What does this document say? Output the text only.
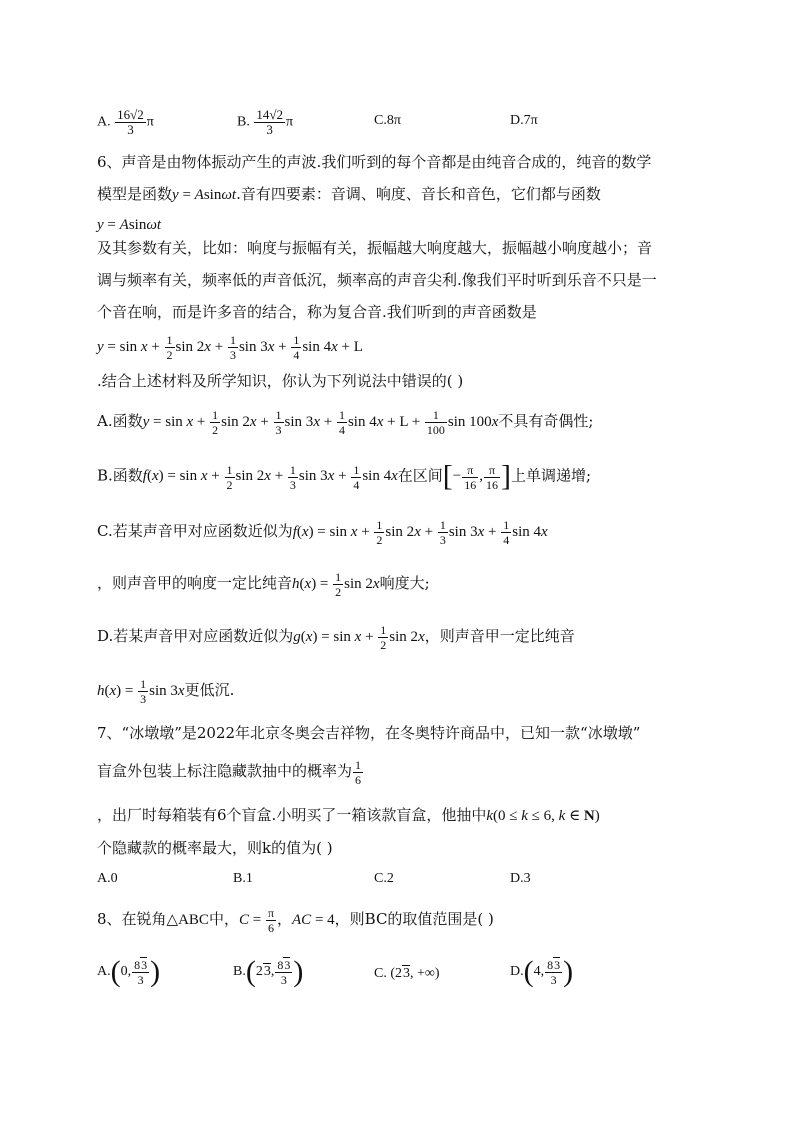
A. $\frac{16√2}{3}$ π	B. $\frac{14√2}{3}$ π	C.8π	D.7π
6、声音是由物体振动产生的声波.我们听到的每个音都是由纯音合成的，纯音的数学
模型是函数y = Asinωt.音有四要素：音调、响度、音长和音色，它们都与函数
y = Asinωt
及其参数有关，比如：响度与振幅有关，振幅越大响度越大，振幅越小响度越小；音
调与频率有关，频率低的声音低沉，频率高的声音尖利.像我们平时听到乐音不只是一
个音在响，而是许多音的结合，称为复合音.我们听到的声音函数是
$y = \sin x + \frac{1}{2}$ $\sin 2x + \frac{1}{3}$ $\sin 3x + \frac{1}{4}$ sin 4x + L
.结合上述材料及所学知识，你认为下列说法中错误的( )
A.函数$y = \sin x + \frac{1}{2}$ $\sin 2x + \frac{1}{3}$ $\sin 3x + \frac{1}{4}$ $\sin 4x + L + \frac{1}{100}$ sin 100x不具有奇偶性;
B.函数$f(x) = \sin x + \frac{1}{2}$ $\sin 2x + \frac{1}{3}$ $\sin 3x + \frac{1}{4}$ sin 4x在区间[− $\frac{\pi}{16}$ , $\frac{\pi}{16}$ ]上单调递增;
C.若某声音甲对应函数近似为$f(x) = \sin x + \frac{1}{2}$ $\sin 2x + \frac{1}{3}$ $\sin 3x + \frac{1}{4}$ sin 4x
，则声音甲的响度一定比纯音$h(x) = \frac{1}{2}$ sin 2x响度大;
D.若某声音甲对应函数近似为$g(x) = \sin x + \frac{1}{2}$ sin 2x，则声音甲一定比纯音
$h(x) = \frac{1}{3}$ sin 3x更低沉.
7、“冰墩墩”是2022年北京冬奥会吉祥物，在冬奥特许商品中，已知一款“冰墩墩”
盲盒外包装上标注隐藏款抽中的概率为 $\frac{1}{6}$
，出厂时每箱装有6个盲盒.小明买了一箱该款盲盒，他抽中k(0 ≤ k ≤ 6, k ∈ N)
个隐藏款的概率最大，则k的值为( )
A.0	B.1	C.2	D.3
8、在锐角△ABC中，$C = \frac{\pi}{6}$ ，AC = 4，则BC的取值范围是( )
A.(0, $\frac{83}{3}$ )	B.(23, $\frac{83}{3}$ )	C. (23, +∞)	D.(4, $\frac{83}{3}$ )
